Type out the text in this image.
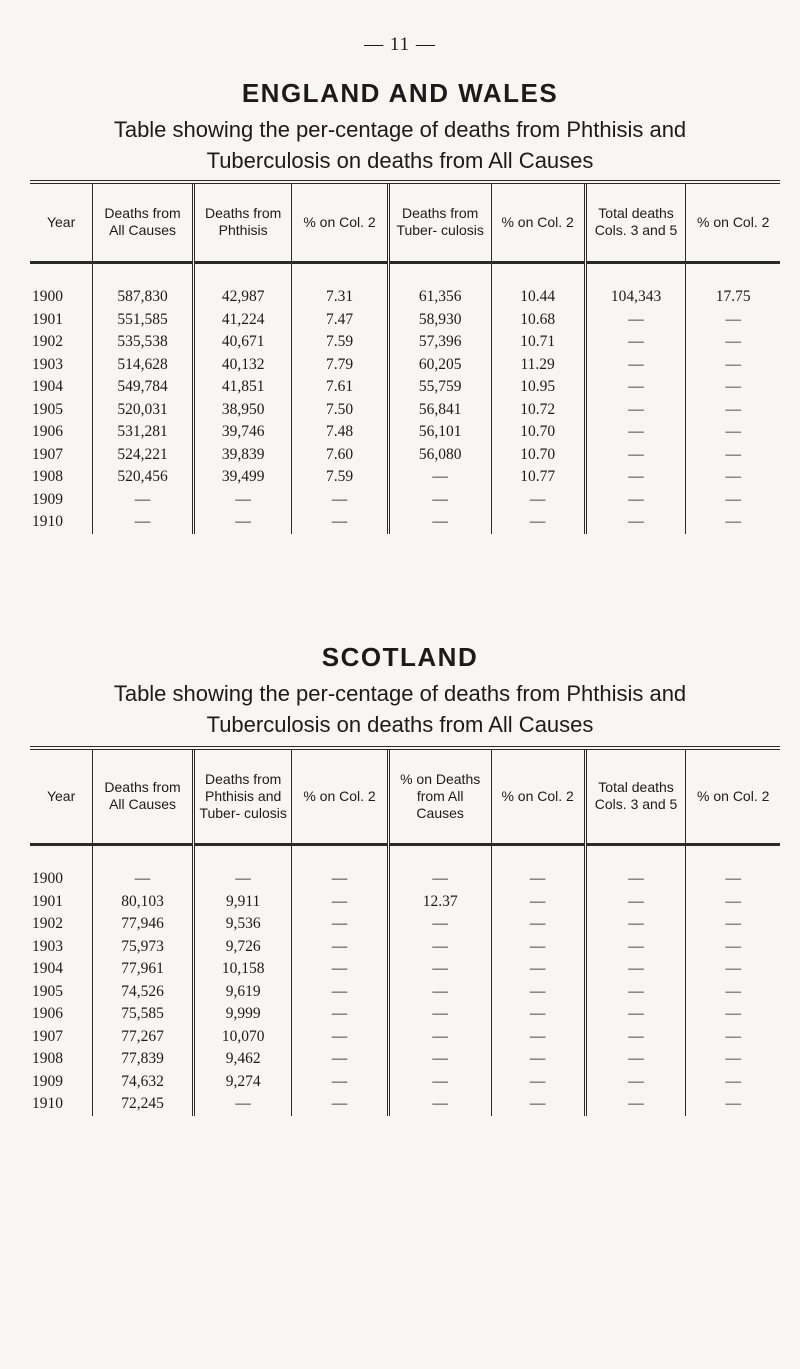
— 11 —
ENGLAND AND WALES
Table showing the per-centage of deaths from Phthisis and
Tuberculosis on deaths from All Causes
Year	Deaths from All Causes	Deaths from Phthisis	% on Col. 2	Deaths from Tuber- culosis	% on Col. 2	Total deaths Cols. 3 and 5	% on Col. 2

1900	587,830	42,987	7.31	61,356	10.44	104,343	17.75
1901	551,585	41,224	7.47	58,930	10.68	—	—
1902	535,538	40,671	7.59	57,396	10.71	—	—
1903	514,628	40,132	7.79	60,205	11.29	—	—
1904	549,784	41,851	7.61	55,759	10.95	—	—
1905	520,031	38,950	7.50	56,841	10.72	—	—
1906	531,281	39,746	7.48	56,101	10.70	—	—
1907	524,221	39,839	7.60	56,080	10.70	—	—
1908	520,456	39,499	7.59	—	10.77	—	—
1909	—	—	—	—	—	—	—
1910	—	—	—	—	—	—	—
SCOTLAND
Table showing the per-centage of deaths from Phthisis and
Tuberculosis on deaths from All Causes
Year	Deaths from All Causes	Deaths from Phthisis and Tuber- culosis	% on Col. 2	% on Deaths from All Causes	% on Col. 2	Total deaths Cols. 3 and 5	% on Col. 2

1900	—	—	—	—	—	—	—
1901	80,103	9,911	—	12.37	—	—	—
1902	77,946	9,536	—	—	—	—	—
1903	75,973	9,726	—	—	—	—	—
1904	77,961	10,158	—	—	—	—	—
1905	74,526	9,619	—	—	—	—	—
1906	75,585	9,999	—	—	—	—	—
1907	77,267	10,070	—	—	—	—	—
1908	77,839	9,462	—	—	—	—	—
1909	74,632	9,274	—	—	—	—	—
1910	72,245	—	—	—	—	—	—
